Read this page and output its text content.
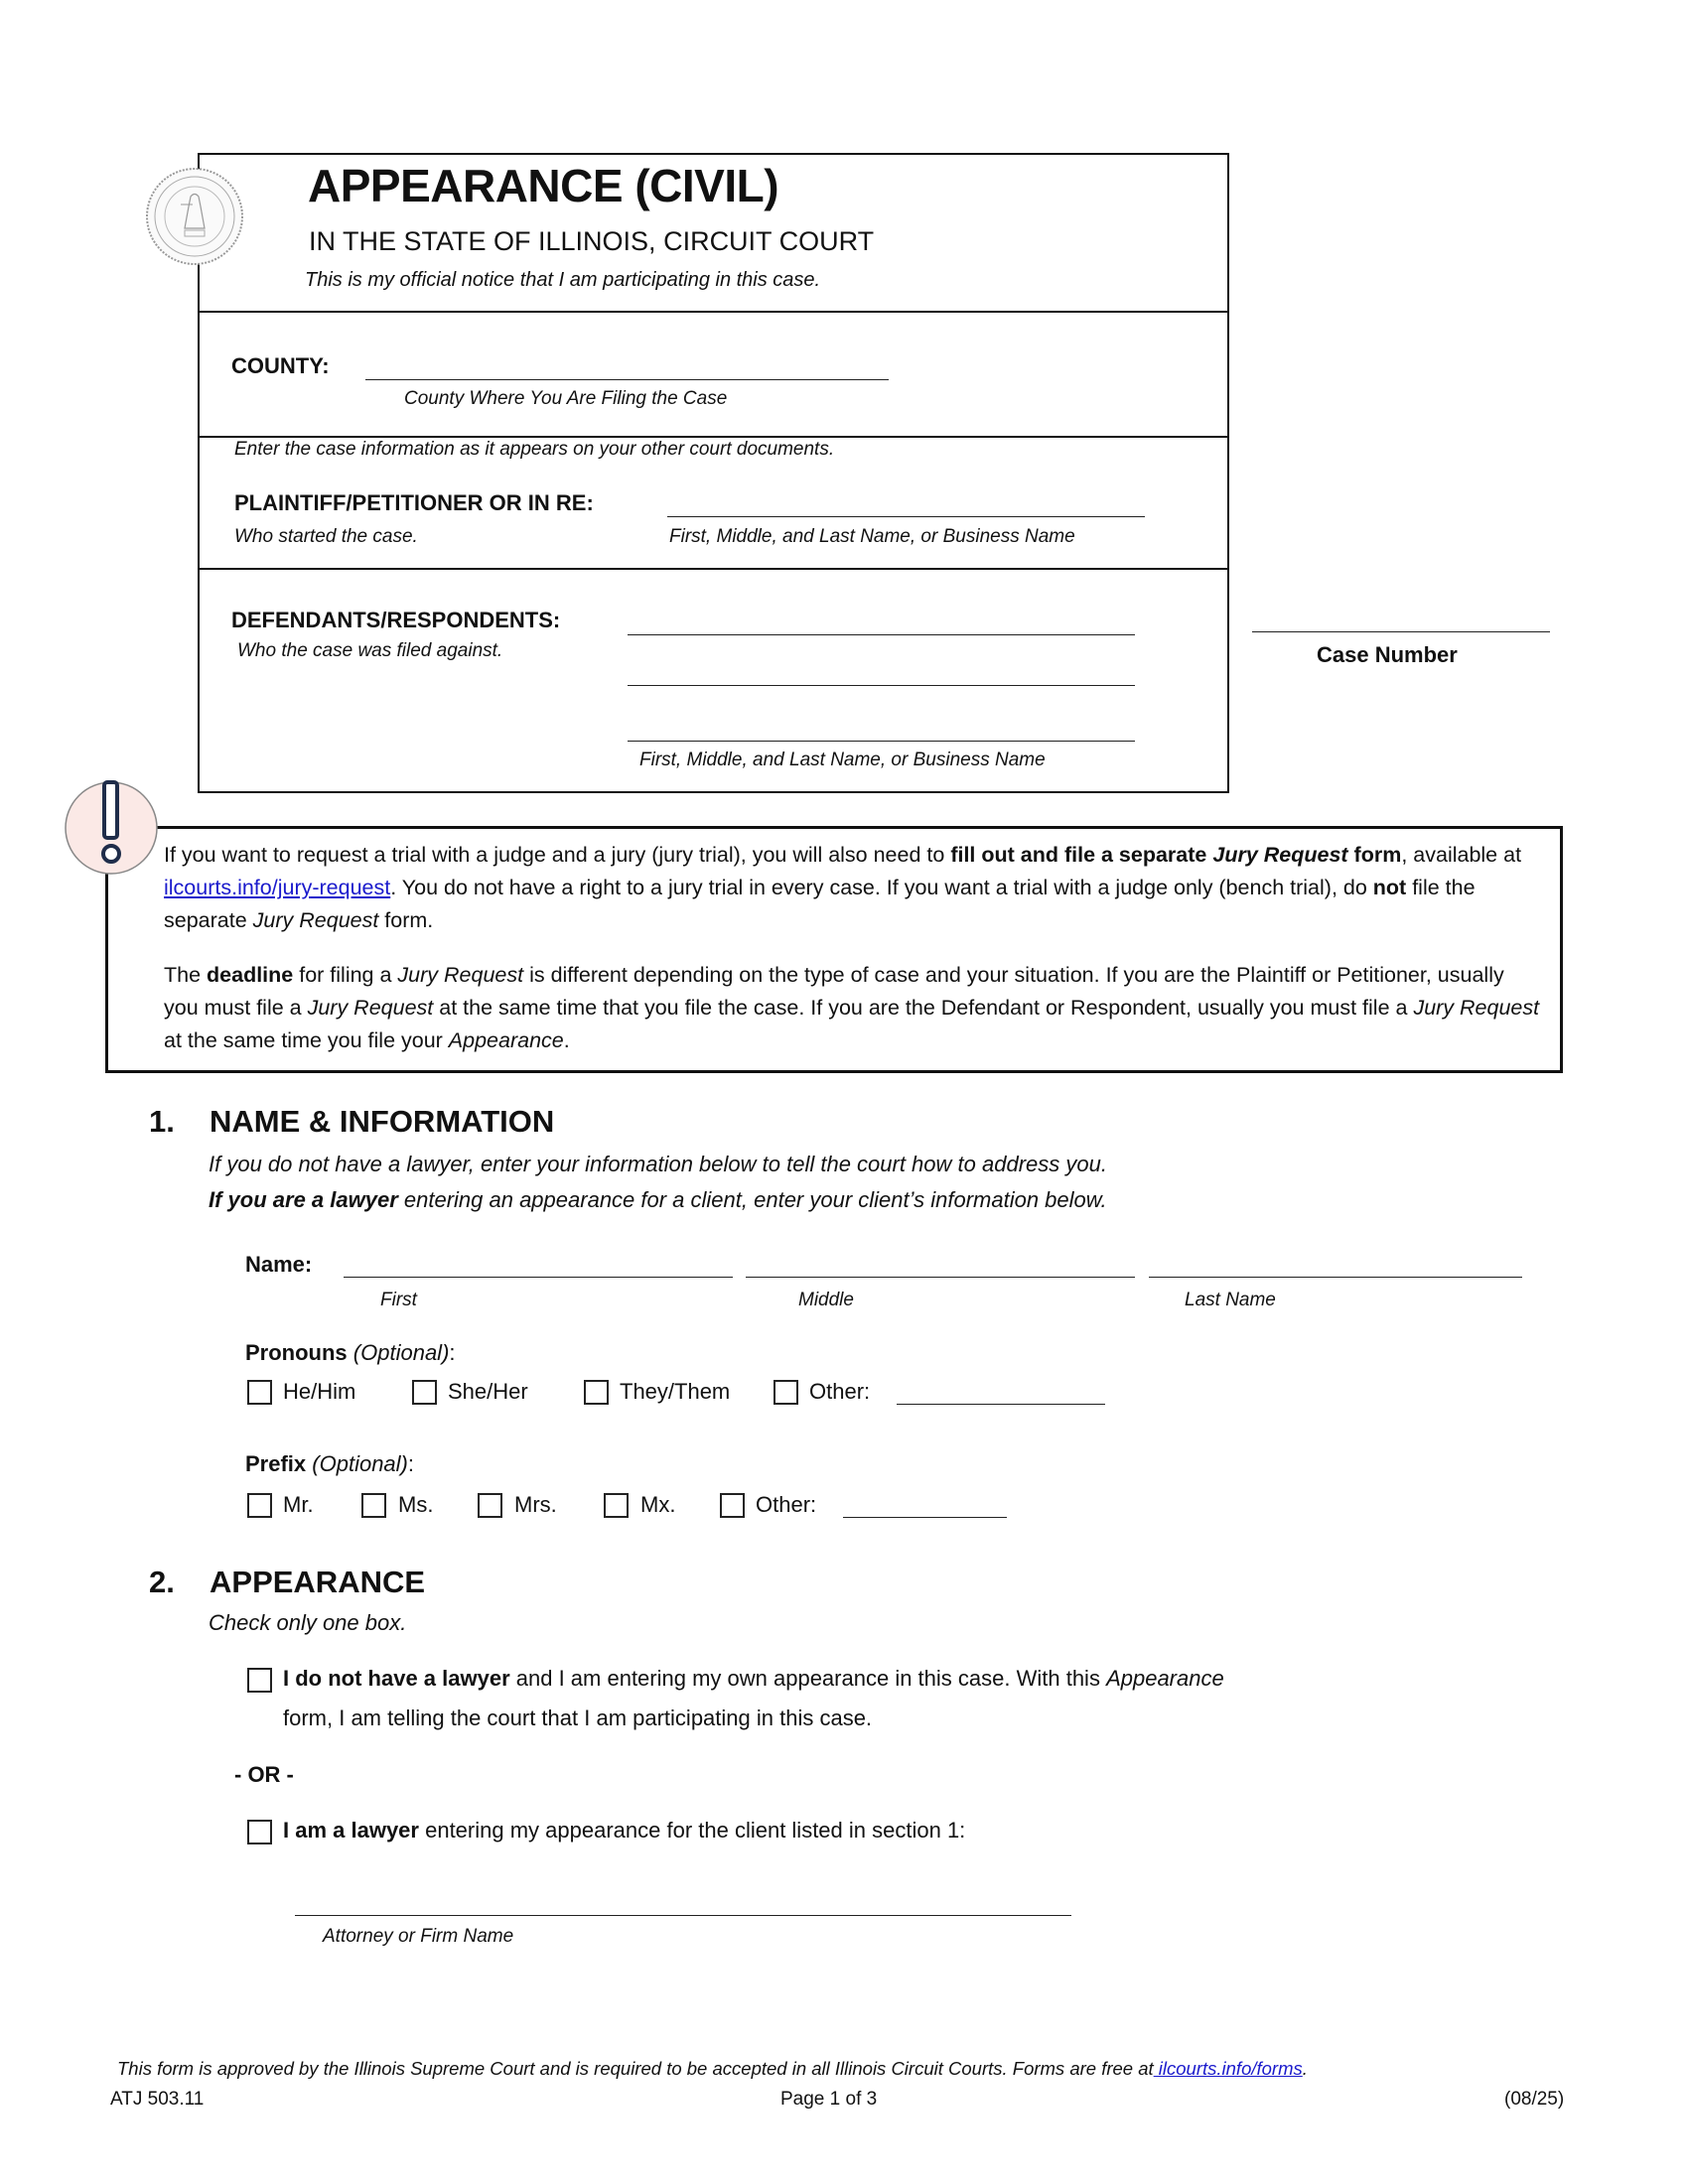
APPEARANCE (CIVIL)
IN THE STATE OF ILLINOIS, CIRCUIT COURT
This is my official notice that I am participating in this case.
COUNTY:
County Where You Are Filing the Case
Enter the case information as it appears on your other court documents.
PLAINTIFF/PETITIONER OR IN RE:
Who started the case.	First, Middle, and Last Name, or Business Name
DEFENDANTS/RESPONDENTS:
Who the case was filed against.
First, Middle, and Last Name, or Business Name
Case Number
If you want to request a trial with a judge and a jury (jury trial), you will also need to fill out and file a separate Jury Request form, available at ilcourts.info/jury-request. You do not have a right to a jury trial in every case. If you want a trial with a judge only (bench trial), do not file the separate Jury Request form.
The deadline for filing a Jury Request is different depending on the type of case and your situation. If you are the Plaintiff or Petitioner, usually you must file a Jury Request at the same time that you file the case. If you are the Defendant or Respondent, usually you must file a Jury Request at the same time you file your Appearance.
1. NAME & INFORMATION
If you do not have a lawyer, enter your information below to tell the court how to address you.
If you are a lawyer entering an appearance for a client, enter your client’s information below.
Name:
First	Middle	Last Name
Pronouns (Optional):
He/Him	She/Her	They/Them	Other:
Prefix (Optional):
Mr.	Ms.	Mrs.	Mx.	Other:
2. APPEARANCE
Check only one box.
I do not have a lawyer and I am entering my own appearance in this case. With this Appearance
form, I am telling the court that I am participating in this case.
- OR -
I am a lawyer entering my appearance for the client listed in section 1:
Attorney or Firm Name
This form is approved by the Illinois Supreme Court and is required to be accepted in all Illinois Circuit Courts. Forms are free at ilcourts.info/forms.
ATJ 503.11	Page 1 of 3	(08/25)
